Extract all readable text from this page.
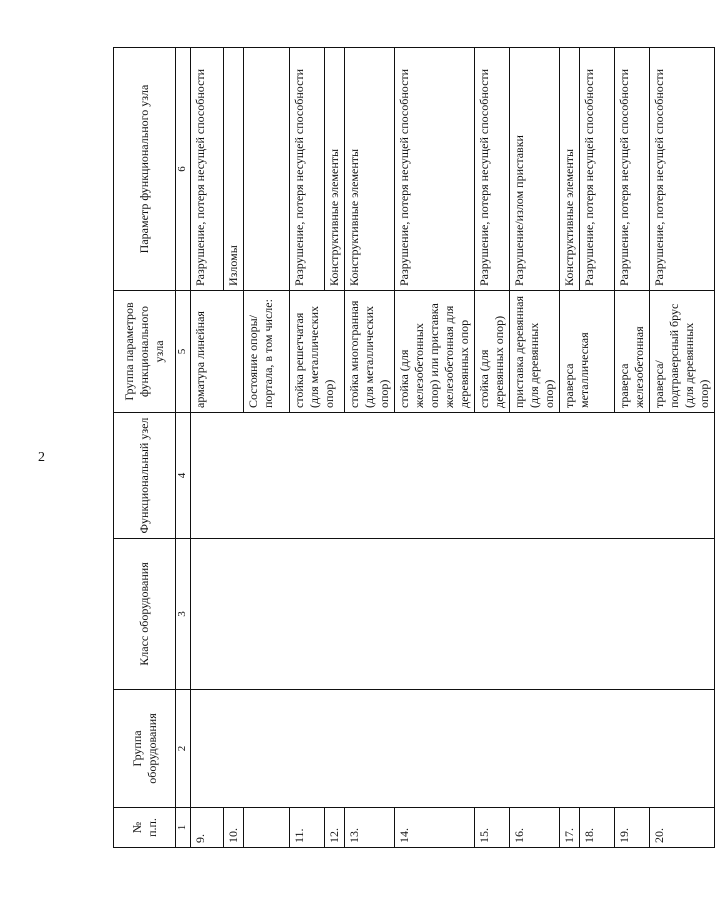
2
№ п.п.	Группа оборудования	Класс оборудования	Функциональный узел	Группа параметров функционального узла	Параметр функционального узла
1	2	3	4	5	6
9.				арматура линейная	Разрушение, потеря несущей способности
10.					Изломы
				Состояние опоры/портала, в том числе:	
11.				стойка решетчатая (для металлических опор)	Разрушение, потеря несущей способности
12.					Конструктивные элементы
13.				стойка многогранная (для металлических опор)	Конструктивные элементы
14.				стойка (для железобетонных опор) или приставка железобетонная для деревянных опор	Разрушение, потеря несущей способности
15.				стойка (для деревянных опор)	Разрушение, потеря несущей способности
16.				приставка деревянная (для деревянных опор)	Разрушение/излом приставки
17.				траверса металлическая	Конструктивные элементы
18.					Разрушение, потеря несущей способности
19.				траверса железобетонная	Разрушение, потеря несущей способности
20.				траверса/подтраверсный брус (для деревянных опор)	Разрушение, потеря несущей способности
